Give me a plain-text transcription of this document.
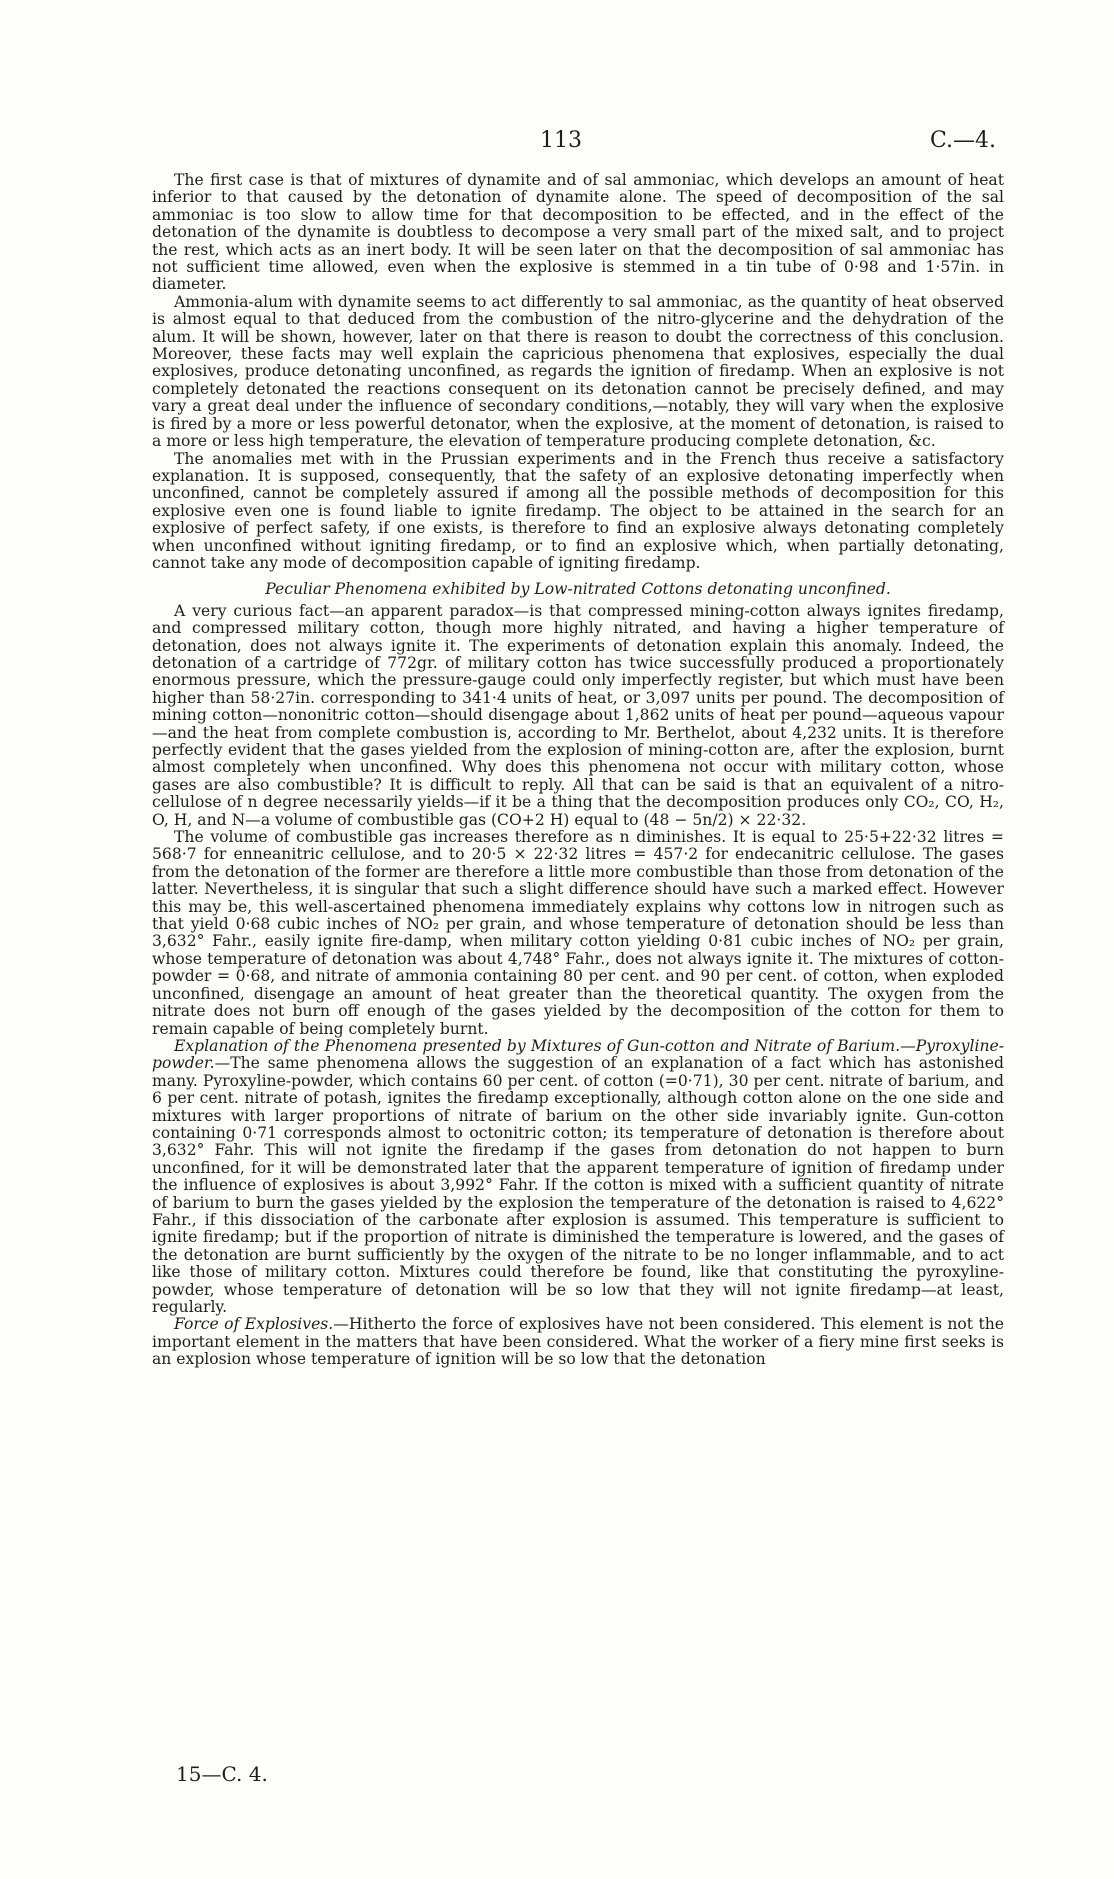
113	C.—4.

The first case is that of mixtures of dynamite and of sal ammoniac, which develops an amount of heat inferior to that caused by the detonation of dynamite alone. The speed of decomposition of the sal ammoniac is too slow to allow time for that decomposition to be effected, and in the effect of the detonation of the dynamite is doubtless to decompose a very small part of the mixed salt, and to project the rest, which acts as an inert body. It will be seen later on that the decomposition of sal ammoniac has not sufficient time allowed, even when the explosive is stemmed in a tin tube of 0·98 and 1·57in. in diameter.

Ammonia-alum with dynamite seems to act differently to sal ammoniac, as the quantity of heat observed is almost equal to that deduced from the combustion of the nitro-glycerine and the dehydration of the alum. It will be shown, however, later on that there is reason to doubt the correctness of this conclusion. Moreover, these facts may well explain the capricious phenomena that explosives, especially the dual explosives, produce detonating unconfined, as regards the ignition of firedamp. When an explosive is not completely detonated the reactions consequent on its detonation cannot be precisely defined, and may vary a great deal under the influence of secondary conditions,—notably, they will vary when the explosive is fired by a more or less powerful detonator, when the explosive, at the moment of detonation, is raised to a more or less high temperature, the elevation of temperature producing complete detonation, &c.

The anomalies met with in the Prussian experiments and in the French thus receive a satisfactory explanation. It is supposed, consequently, that the safety of an explosive detonating imperfectly when unconfined, cannot be completely assured if among all the possible methods of decomposition for this explosive even one is found liable to ignite firedamp. The object to be attained in the search for an explosive of perfect safety, if one exists, is therefore to find an explosive always detonating completely when unconfined without igniting firedamp, or to find an explosive which, when partially detonating, cannot take any mode of decomposition capable of igniting firedamp.

Peculiar Phenomena exhibited by Low-nitrated Cottons detonating unconfined.

A very curious fact—an apparent paradox—is that compressed mining-cotton always ignites firedamp, and compressed military cotton, though more highly nitrated, and having a higher temperature of detonation, does not always ignite it. The experiments of detonation explain this anomaly. Indeed, the detonation of a cartridge of 772gr. of military cotton has twice successfully produced a proportionately enormous pressure, which the pressure-gauge could only imperfectly register, but which must have been higher than 58·27in. corresponding to 341·4 units of heat, or 3,097 units per pound. The decomposition of mining cotton—nononitric cotton—should disengage about 1,862 units of heat per pound—aqueous vapour—and the heat from complete combustion is, according to Mr. Berthelot, about 4,232 units. It is therefore perfectly evident that the gases yielded from the explosion of mining-cotton are, after the explosion, burnt almost completely when unconfined. Why does this phenomena not occur with military cotton, whose gases are also combustible? It is difficult to reply. All that can be said is that an equivalent of a nitro-cellulose of n degree necessarily yields—if it be a thing that the decomposition produces only CO₂, CO, H₂, O, H, and N—a volume of combustible gas (CO+2 H) equal to (48 − 5n/2) × 22·32.

The volume of combustible gas increases therefore as n diminishes. It is equal to 25·5+22·32 litres = 568·7 for enneanitric cellulose, and to 20·5 × 22·32 litres = 457·2 for endecanitric cellulose. The gases from the detonation of the former are therefore a little more combustible than those from detonation of the latter. Nevertheless, it is singular that such a slight difference should have such a marked effect. However this may be, this well-ascertained phenomena immediately explains why cottons low in nitrogen such as that yield 0·68 cubic inches of NO₂ per grain, and whose temperature of detonation should be less than 3,632° Fahr., easily ignite fire-damp, when military cotton yielding 0·81 cubic inches of NO₂ per grain, whose temperature of detonation was about 4,748° Fahr., does not always ignite it. The mixtures of cotton-powder = 0·68, and nitrate of ammonia containing 80 per cent. and 90 per cent. of cotton, when exploded unconfined, disengage an amount of heat greater than the theoretical quantity. The oxygen from the nitrate does not burn off enough of the gases yielded by the decomposition of the cotton for them to remain capable of being completely burnt.

Explanation of the Phenomena presented by Mixtures of Gun-cotton and Nitrate of Barium.—Pyroxyline-powder.—The same phenomena allows the suggestion of an explanation of a fact which has astonished many. Pyroxyline-powder, which contains 60 per cent. of cotton (=0·71), 30 per cent. nitrate of barium, and 6 per cent. nitrate of potash, ignites the firedamp exceptionally, although cotton alone on the one side and mixtures with larger proportions of nitrate of barium on the other side invariably ignite. Gun-cotton containing 0·71 corresponds almost to octonitric cotton; its temperature of detonation is therefore about 3,632° Fahr. This will not ignite the firedamp if the gases from detonation do not happen to burn unconfined, for it will be demonstrated later that the apparent temperature of ignition of firedamp under the influence of explosives is about 3,992° Fahr. If the cotton is mixed with a sufficient quantity of nitrate of barium to burn the gases yielded by the explosion the temperature of the detonation is raised to 4,622° Fahr., if this dissociation of the carbonate after explosion is assumed. This temperature is sufficient to ignite firedamp; but if the proportion of nitrate is diminished the temperature is lowered, and the gases of the detonation are burnt sufficiently by the oxygen of the nitrate to be no longer inflammable, and to act like those of military cotton. Mixtures could therefore be found, like that constituting the pyroxyline-powder, whose temperature of detonation will be so low that they will not ignite firedamp—at least, regularly.

Force of Explosives.—Hitherto the force of explosives have not been considered. This element is not the important element in the matters that have been considered. What the worker of a fiery mine first seeks is an explosion whose temperature of ignition will be so low that the detonation

15—C. 4.
